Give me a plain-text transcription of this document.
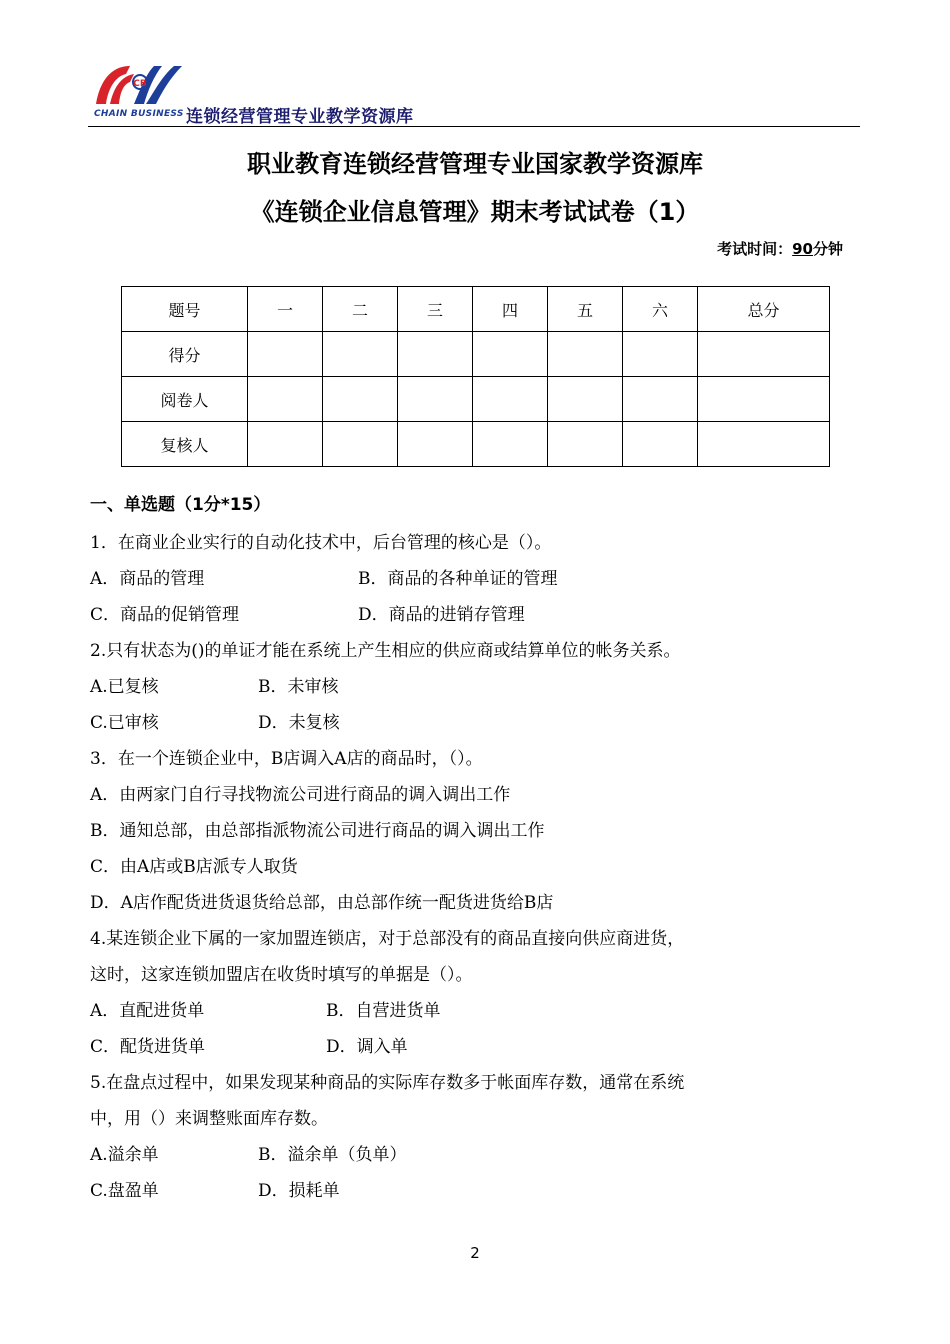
CB
CHAIN BUSINESS 连锁经营管理专业教学资源库
职业教育连锁经营管理专业国家教学资源库
《连锁企业信息管理》期末考试试卷（1）
考试时间：90分钟
题号	一	二	三	四	五	六	总分
得分							
阅卷人							
复核人							
一、单选题（1分*15）
1．在商业企业实行的自动化技术中，后台管理的核心是（）。
A．商品的管理	B．商品的各种单证的管理
C．商品的促销管理	D．商品的进销存管理
2.只有状态为()的单证才能在系统上产生相应的供应商或结算单位的帐务关系。
A.已复核	B．未审核
C.已审核	D．未复核
3．在一个连锁企业中，B店调入A店的商品时，（）。
A．由两家门自行寻找物流公司进行商品的调入调出工作
B．通知总部，由总部指派物流公司进行商品的调入调出工作
C．由A店或B店派专人取货
D．A店作配货进货退货给总部，由总部作统一配货进货给B店
4.某连锁企业下属的一家加盟连锁店，对于总部没有的商品直接向供应商进货，
这时，这家连锁加盟店在收货时填写的单据是（）。
A．直配进货单	B．自营进货单
C．配货进货单	D．调入单
5.在盘点过程中，如果发现某种商品的实际库存数多于帐面库存数，通常在系统
中，用（）来调整账面库存数。
A.溢余单	B．溢余单（负单）
C.盘盈单	D．损耗单
2
